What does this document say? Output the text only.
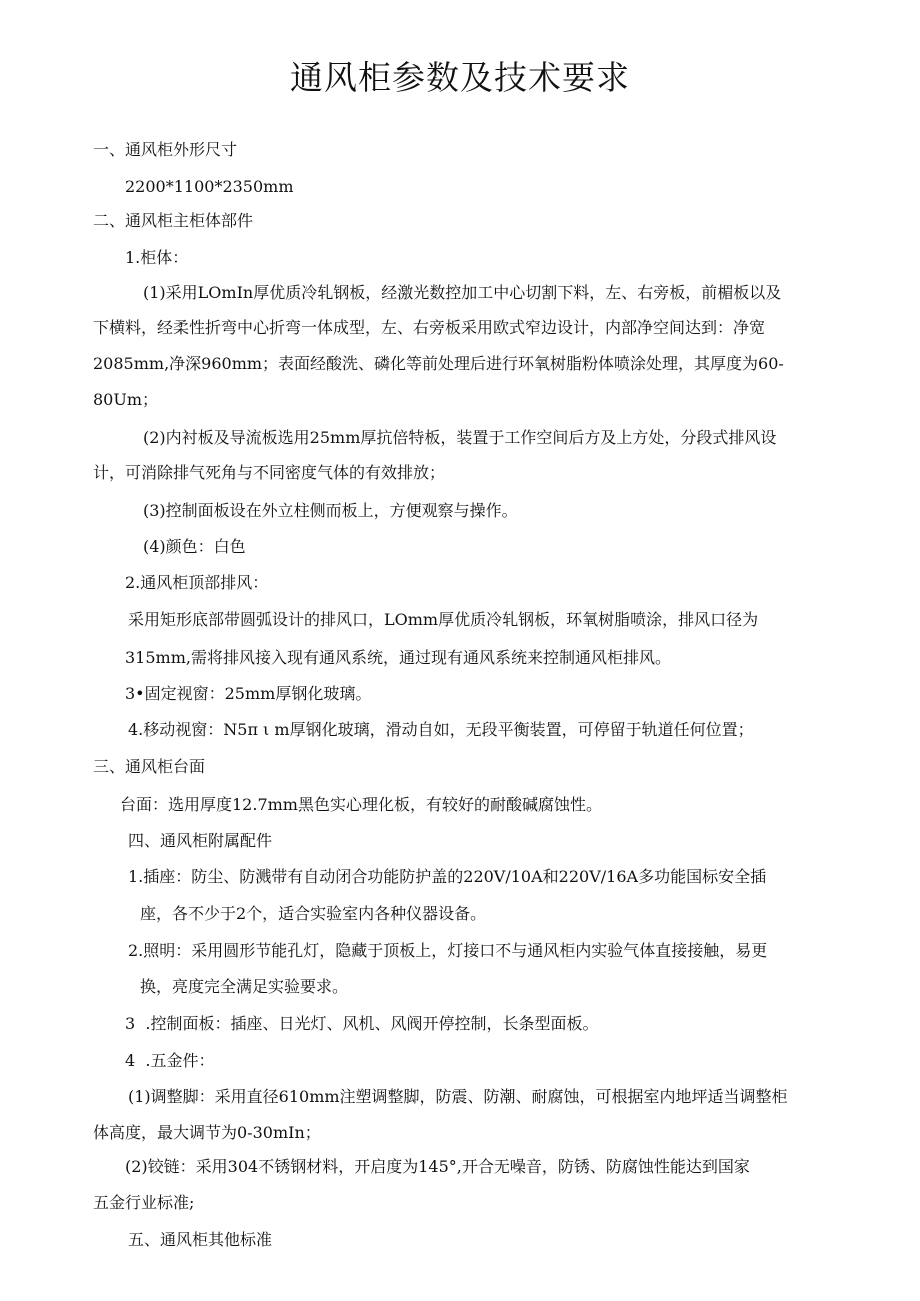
通风柜参数及技术要求

一、通风柜外形尺寸

2200*1100*2350mm

二、通风柜主柜体部件

1.柜体：

(1)采用LOmIn厚优质冷轧钢板，经激光数控加工中心切割下料，左、右旁板，前楣板以及

下横料，经柔性折弯中心折弯一体成型，左、右旁板采用欧式窄边设计，内部净空间达到：净宽

2085mm,净深960mm；表面经酸洗、磷化等前处理后进行环氧树脂粉体喷涂处理，其厚度为60-

80Um；

(2)内衬板及导流板选用25mm厚抗倍特板，装置于工作空间后方及上方处，分段式排风设

计，可消除排气死角与不同密度气体的有效排放；

(3)控制面板设在外立柱侧而板上，方便观察与操作。

(4)颜色：白色

2.通风柜顶部排风：

采用矩形底部带圆弧设计的排风口，LOmm厚优质冷轧钢板，环氧树脂喷涂，排风口径为

315mm,需将排风接入现有通风系统，通过现有通风系统来控制通风柜排风。

3•固定视窗：25mm厚钢化玻璃。

4.移动视窗：N5π ι m厚钢化玻璃，滑动自如，无段平衡装置，可停留于轨道任何位置；

三、通风柜台面

台面：选用厚度12.7mm黑色实心理化板，有较好的耐酸碱腐蚀性。

四、通风柜附属配件

1.插座：防尘、防溅带有自动闭合功能防护盖的220V/10A和220V/16A多功能国标安全插

座，各不少于2个，适合实验室内各种仪器设备。

2.照明：采用圆形节能孔灯，隐藏于顶板上，灯接口不与通风柜内实验气体直接接触，易更

换，亮度完全满足实验要求。

3  .控制面板：插座、日光灯、风机、风阀开停控制，长条型面板。

4  .五金件：

(1)调整脚：采用直径610mm注塑调整脚，防震、防潮、耐腐蚀，可根据室内地坪适当调整柜

体高度，最大调节为0-30mIn；

(2)铰链：采用304不锈钢材料，开启度为145°,开合无噪音，防锈、防腐蚀性能达到国家

五金行业标准;

五、通风柜其他标准
